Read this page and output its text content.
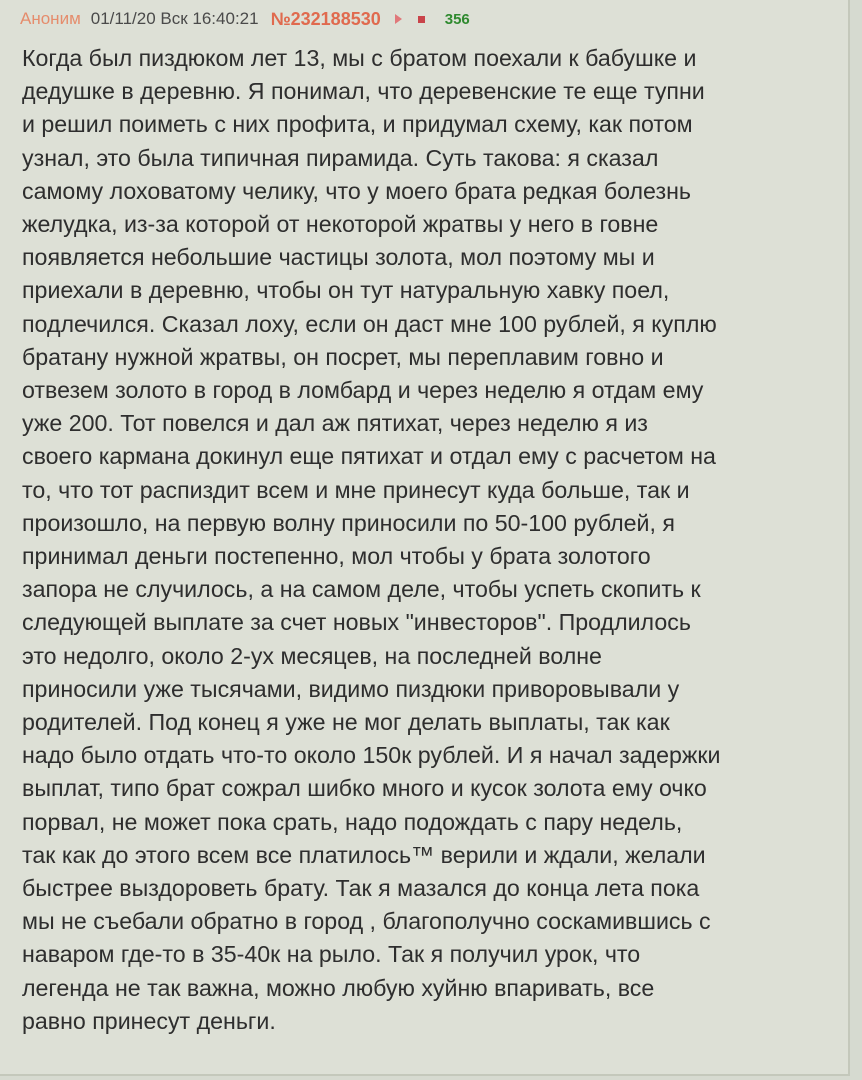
Аноним 01/11/20 Вск 16:40:21 №232188530	356
Когда был пиздюком лет 13, мы с братом поехали к бабушке и
дедушке в деревню. Я понимал, что деревенские те еще тупни
и решил поиметь с них профита, и придумал схему, как потом
узнал, это была типичная пирамида. Суть такова: я сказал
самому лоховатому челику, что у моего брата редкая болезнь
желудка, из-за которой от некоторой жратвы у него в говне
появляется небольшие частицы золота, мол поэтому мы и
приехали в деревню, чтобы он тут натуральную хавку поел,
подлечился. Сказал лоху, если он даст мне 100 рублей, я куплю
братану нужной жратвы, он посрет, мы переплавим говно и
отвезем золото в город в ломбард и через неделю я отдам ему
уже 200. Тот повелся и дал аж пятихат, через неделю я из
своего кармана докинул еще пятихат и отдал ему с расчетом на
то, что тот распиздит всем и мне принесут куда больше, так и
произошло, на первую волну приносили по 50-100 рублей, я
принимал деньги постепенно, мол чтобы у брата золотого
запора не случилось, а на самом деле, чтобы успеть скопить к
следующей выплате за счет новых "инвесторов". Продлилось
это недолго, около 2-ух месяцев, на последней волне
приносили уже тысячами, видимо пиздюки приворовывали у
родителей. Под конец я уже не мог делать выплаты, так как
надо было отдать что-то около 150к рублей. И я начал задержки
выплат, типо брат сожрал шибко много и кусок золота ему очко
порвал, не может пока срать, надо подождать с пару недель,
так как до этого всем все платилось™ верили и ждали, желали
быстрее выздороветь брату. Так я мазался до конца лета пока
мы не съебали обратно в город , благополучно соскамившись с
наваром где-то в 35-40к на рыло. Так я получил урок, что
легенда не так важна, можно любую хуйню впаривать, все
равно принесут деньги.
